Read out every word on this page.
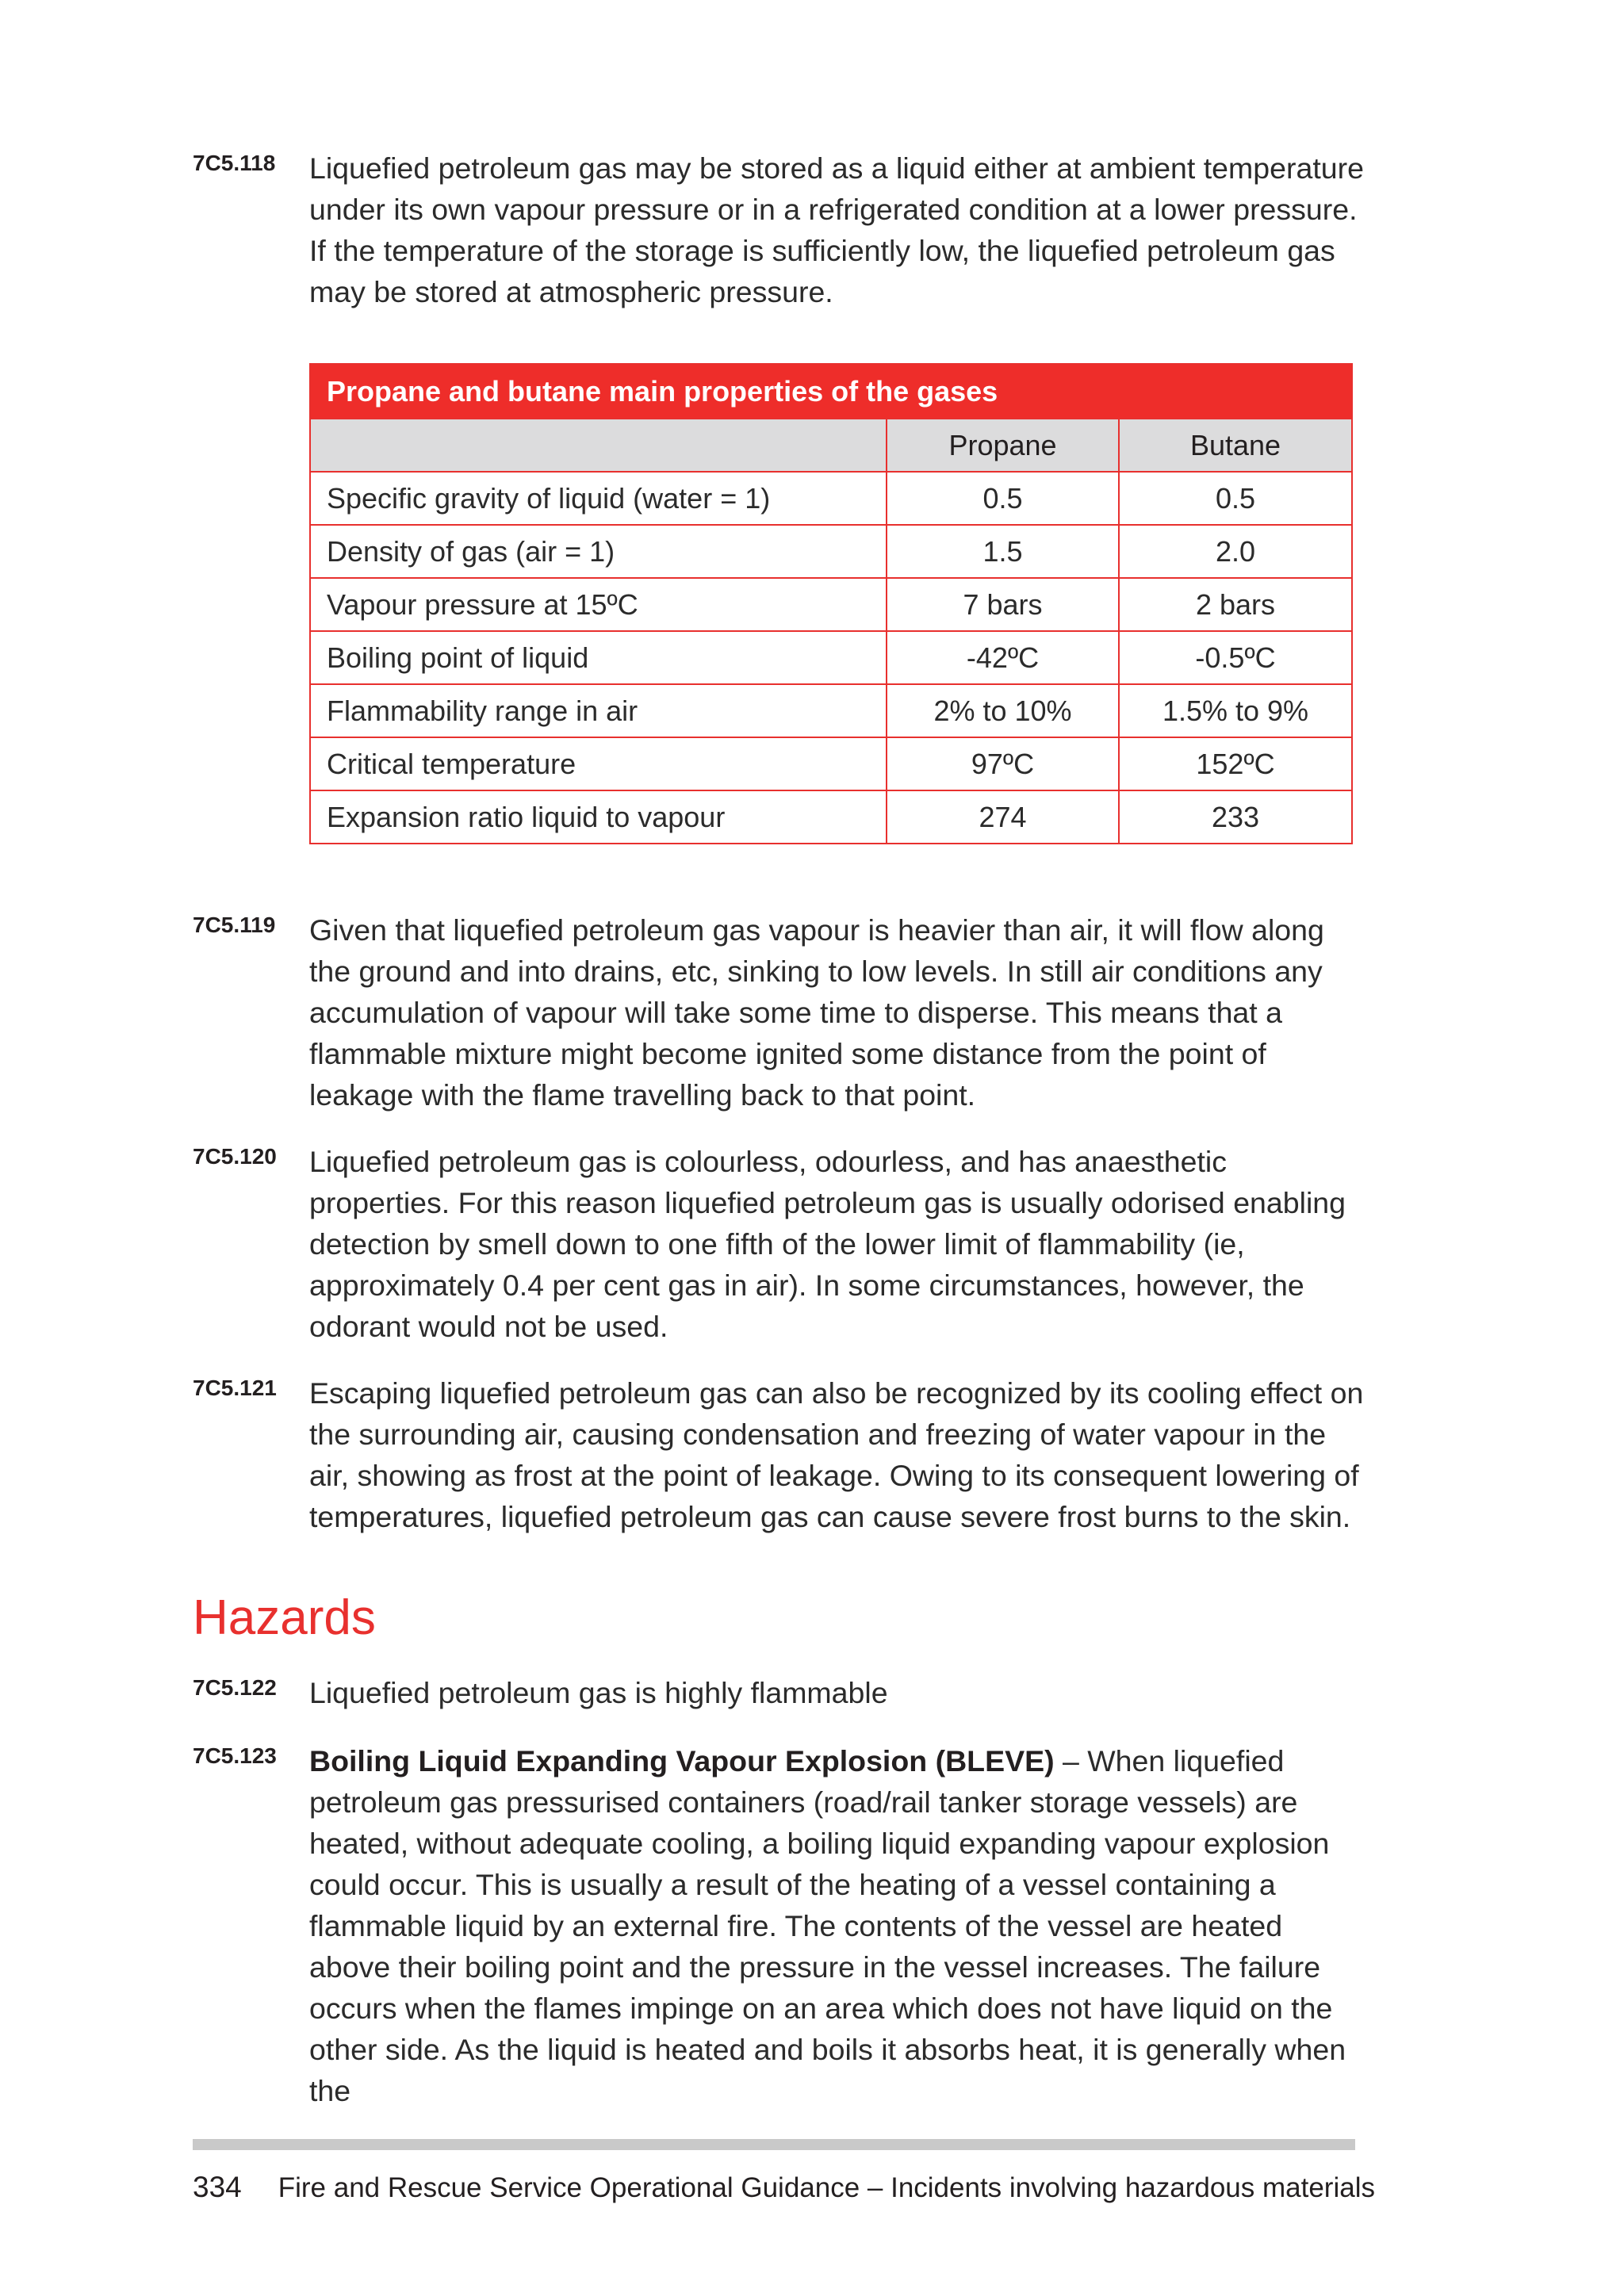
7C5.118	Liquefied petroleum gas may be stored as a liquid either at ambient temperature under its own vapour pressure or in a refrigerated condition at a lower pressure. If the temperature of the storage is sufficiently low, the liquefied petroleum gas may be stored at atmospheric pressure.
Propane and butane main properties of the gases		
	Propane	Butane
Specific gravity of liquid (water = 1)	0.5	0.5
Density of gas (air = 1)	1.5	2.0
Vapour pressure at 15ºC	7 bars	2 bars
Boiling point of liquid	-42ºC	-0.5ºC
Flammability range in air	2% to 10%	1.5% to 9%
Critical temperature	97ºC	152ºC
Expansion ratio liquid to vapour	274	233
7C5.119	Given that liquefied petroleum gas vapour is heavier than air, it will flow along the ground and into drains, etc, sinking to low levels. In still air conditions any accumulation of vapour will take some time to disperse. This means that a flammable mixture might become ignited some distance from the point of leakage with the flame travelling back to that point.
7C5.120	Liquefied petroleum gas is colourless, odourless, and has anaesthetic properties. For this reason liquefied petroleum gas is usually odorised enabling detection by smell down to one fifth of the lower limit of flammability (ie, approximately 0.4 per cent gas in air). In some circumstances, however, the odorant would not be used.
7C5.121	Escaping liquefied petroleum gas can also be recognized by its cooling effect on the surrounding air, causing condensation and freezing of water vapour in the air, showing as frost at the point of leakage. Owing to its consequent lowering of temperatures, liquefied petroleum gas can cause severe frost burns to the skin.
Hazards
7C5.122	Liquefied petroleum gas is highly flammable
7C5.123	Boiling Liquid Expanding Vapour Explosion (BLEVE) – When liquefied petroleum gas pressurised containers (road/rail tanker storage vessels) are heated, without adequate cooling, a boiling liquid expanding vapour explosion could occur. This is usually a result of the heating of a vessel containing a flammable liquid by an external fire. The contents of the vessel are heated above their boiling point and the pressure in the vessel increases. The failure occurs when the flames impinge on an area which does not have liquid on the other side. As the liquid is heated and boils it absorbs heat, it is generally when the
334 Fire and Rescue Service Operational Guidance – Incidents involving hazardous materials
